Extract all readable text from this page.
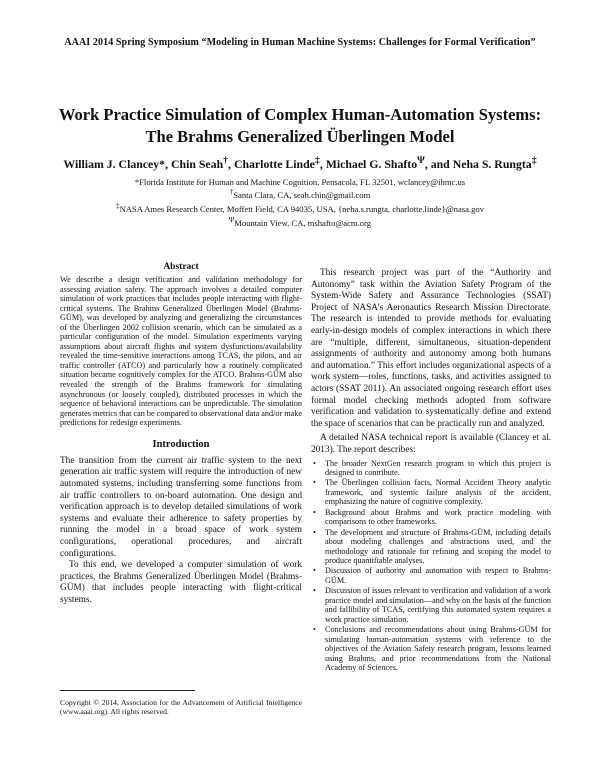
AAAI 2014 Spring Symposium “Modeling in Human Machine Systems: Challenges for Formal Verification”
Work Practice Simulation of Complex Human-Automation Systems:
The Brahms Generalized Überlingen Model
William J. Clancey*, Chin Seah†, Charlotte Linde‡, Michael G. Shafto$^\Psi$, and Neha S. Rungta‡
*Florida Institute for Human and Machine Cognition, Pensacola, FL 32501, wclancey@ihmc.us
†Santa Clara, CA, seah.chin@gmail.com
‡NASA Ames Research Center, Moffett Field, CA 94035, USA, {neha.s.rungta, charlotte.linde}@nasa.gov
$^\Psi$Mountain View, CA, mshafto@acm.org
Abstract

We describe a design verification and validation methodology for assessing aviation safety. The approach involves a detailed computer simulation of work practices that includes people interacting with flight-critical systems. The Brahms Generalized Überlingen Model (Brahms-GÜM), was developed by analyzing and generalizing the circumstances of the Überlingen 2002 collision scenario, which can be simulated as a particular configuration of the model. Simulation experiments varying assumptions about aircraft flights and system dysfunctions/availability revealed the time-sensitive interactions among TCAS, the pilots, and air traffic controller (ATCO) and particularly how a routinely complicated situation became cognitively complex for the ATCO. Brahms-GÜM also revealed the strength of the Brahms framework for simulating asynchronous (or loosely coupled), distributed processes in which the sequence of behavioral interactions can be unpredictable. The simulation generates metrics that can be compared to observational data and/or make predictions for redesign experiments.

Introduction

The transition from the current air traffic system to the next generation air traffic system will require the introduction of new automated systems, including transferring some functions from air traffic controllers to on-board automation. One design and verification approach is to develop detailed simulations of work systems and evaluate their adherence to safety properties by running the model in a broad space of work system configurations, operational procedures, and aircraft configurations.

To this end, we developed a computer simulation of work practices, the Brahms Generalized Überlingen Model (Brahms-GÜM) that includes people interacting with flight-critical systems.

Copyright © 2014, Association for the Advancement of Artificial Intelligence (www.aaai.org). All rights reserved.

This research project was part of the “Authority and Autonomy” task within the Aviation Safety Program of the System-Wide Safety and Assurance Technologies (SSAT) Project of NASA’s Aeronautics Research Mission Directorate. The research is intended to provide methods for evaluating early-in-design models of complex interactions in which there are “multiple, different, simultaneous, situation-dependent assignments of authority and autonomy among both humans and automation.” This effort includes organizational aspects of a work system—roles, functions, tasks, and activities assigned to actors (SSAT 2011). An associated ongoing research effort uses formal model checking methods adopted from software verification and validation to systematically define and extend the space of scenarios that can be practically run and analyzed.

A detailed NASA technical report is available (Clancey et al. 2013). The report describes:

• The broader NextGen research program to which this project is designed to contribute.
• The Überlingen collision facts, Normal Accident Theory analytic framework, and systemic failure analysis of the accident, emphasizing the nature of cognitive complexity.
• Background about Brahms and work practice modeling with comparisons to other frameworks.
• The development and structure of Brahms-GÜM, including details about modeling challenges and abstractions used, and the methodology and rationale for refining and scoping the model to produce quantifiable analyses.
• Discussion of authority and automation with respect to Brahms-GÜM.
• Discussion of issues relevant to verification and validation of a work practice model and simulation—and why on the basis of the function and fallibility of TCAS, certifying this automated system requires a work practice simulation.
• Conclusions and recommendations about using Brahms-GÜM for simulating human-automation systems with reference to the objectives of the Aviation Safety research program, lessons learned using Brahms, and prior recommendations from the National Academy of Sciences.
